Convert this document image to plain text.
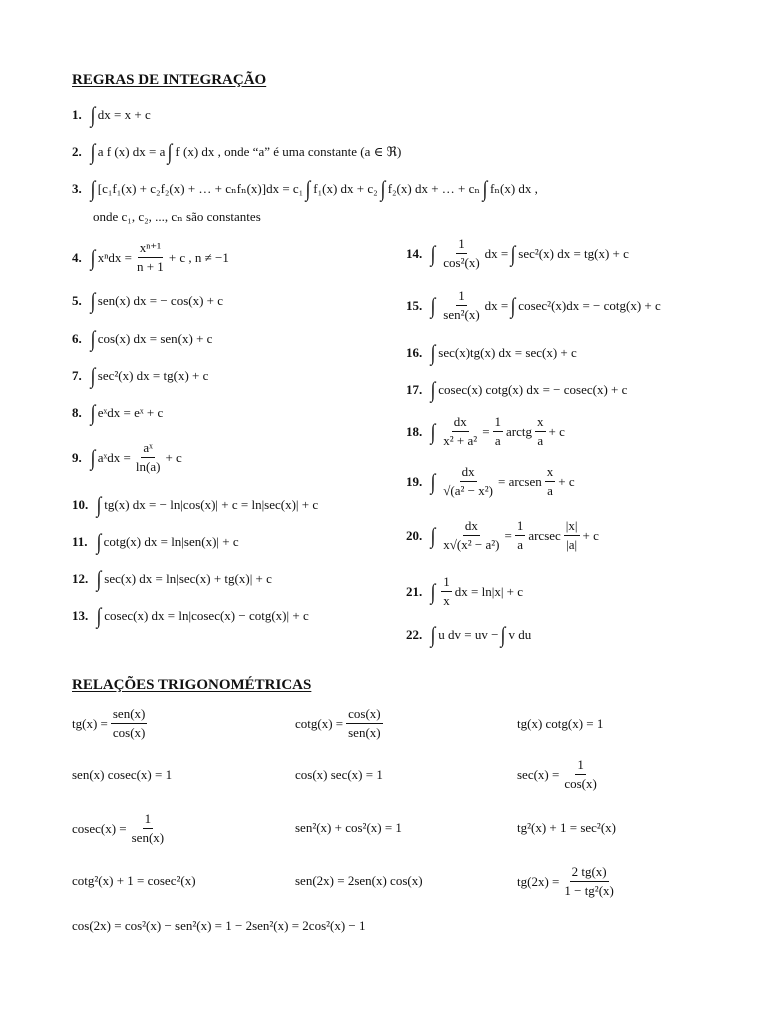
REGRAS DE INTEGRAÇÃO
1. ∫ dx = x + c
2. ∫ a f (x) dx = a ∫ f (x) dx , onde “a” é uma constante (a ∈ ℜ)
3. ∫ [c₁f₁(x) + c₂f₂(x) + … + cₙfₙ(x)]dx = c₁ ∫ f₁(x) dx + c₂ ∫ f₂(x) dx + … + cₙ ∫ fₙ(x) dx ,
onde c₁, c₂, ..., cₙ são constantes
4. ∫ $x^ndx = \frac{\text{xⁿ⁺¹}}{n + 1} + c$ , n ≠ −1
5. ∫ sen(x) dx = − cos(x) + c
6. ∫ cos(x) dx = sen(x) + c
7. ∫ sec²(x) dx = tg(x) + c
8. ∫ eˣdx = eˣ + c
9. ∫ aˣdx = $\frac{\text{aˣ}}{\ln(a)} + c$
10. ∫ tg(x) dx = − ln|cos(x)| + c = ln|sec(x)| + c
11. ∫ cotg(x) dx = ln|sen(x)| + c
12. ∫ sec(x) dx = ln|sec(x) + tg(x)| + c
13. ∫ cosec(x) dx = ln|cosec(x) − cotg(x)| + c
14. ∫ $\frac{1}{\text{cos²(x)}}$ dx = ∫ sec²(x) dx = tg(x) + c
15. ∫ $\frac{1}{\text{sen²(x)}}$ dx = ∫ cosec²(x)dx = − cotg(x) + c
16. ∫ sec(x)tg(x) dx = sec(x) + c
17. ∫ cosec(x) cotg(x) dx = − cosec(x) + c
18. ∫ $\frac{dx}{\text{x² + a²}} = \frac{1}{a}$ arctg $\frac{x}{a} + c$
19. ∫ $\frac{dx}{\text{√(a² − x²)}}$ = arcsen $\frac{x}{a} + c$
20. ∫ $\frac{dx}{\text{x√(x² − a²)}} = \frac{1}{a}$ arcsec $\frac{|x|}{|a|} + c$
21. ∫ $\frac{1}{x}$ dx = ln|x| + c
22. ∫ u dv = uv − ∫ v du
RELAÇÕES TRIGONOMÉTRICAS
$tg(x) = \frac{\text{sen(x)}}{\cos(x)}$	$\cot g(x) = \frac{\cos(x)}{\text{sen(x)}}$	tg(x) cotg(x) = 1
sen(x) cosec(x) = 1	cos(x) sec(x) = 1	$\sec(x) = \frac{1}{\cos(x)}$
$cosec(x) = \frac{1}{\text{sen(x)}}$	sen²(x) + cos²(x) = 1	tg²(x) + 1 = sec²(x)
cotg²(x) + 1 = cosec²(x)	sen(2x) = 2sen(x) cos(x)	$tg(2x) = \frac{2 tg(x)}{\text{1 − tg²(x)}}$
cos(2x) = cos²(x) − sen²(x) = 1 − 2sen²(x) = 2cos²(x) − 1
